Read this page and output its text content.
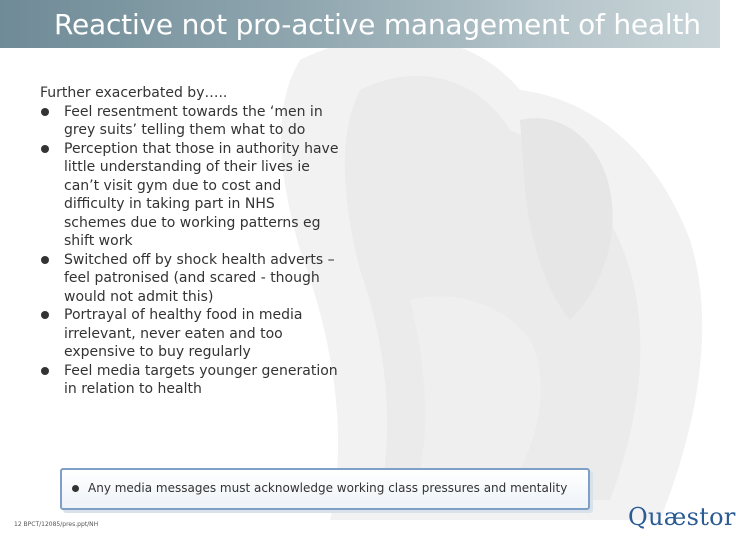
Reactive not pro-active management of health

Further exacerbated by…..

Feel resentment towards the ‘men in grey suits’ telling them what to do
Perception that those in authority have little understanding of their lives ie can’t visit gym due to cost and difficulty in taking part in NHS schemes due to working patterns eg shift work
Switched off by shock health adverts – feel patronised (and scared - though would not admit this)
Portrayal of healthy food in media irrelevant, never eaten and too expensive to buy regularly
Feel media targets younger generation in relation to health
Any media messages must acknowledge working class pressures and mentality
12 BPCT/12085/pres.ppt/NH	Quæstor
